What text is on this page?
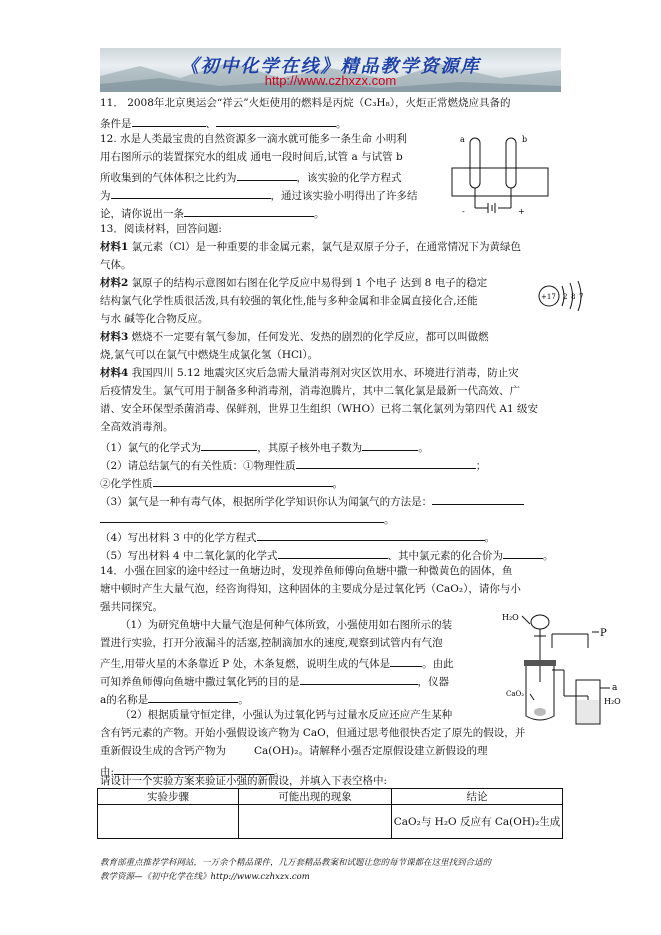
《初中化学在线》精品教学资源库
http://www.czhxzx.com
11． 2008年北京奥运会“祥云”火炬使用的燃料是丙烷（C₃H₈），火炬正常燃烧应具备的
条件是	、	。
12. 水是人类最宝贵的自然资源多一滴水就可能多一条生命 小明利
用右图所示的装置探究水的组成 通电一段时间后,试管 a 与试管 b
所收集到的气体体积之比约为	，该实验的化学方程式
为	，通过该实验小明得出了许多结
论，请你说出一条	。
a	b
-	+
13．阅读材料，回答问题:
材料1 氯元素（Cl）是一种重要的非金属元素，氯气是双原子分子，在通常情况下为黄绿色
气体。
材料2 氯原子的结构示意图如右图在化学反应中易得到 1 个电子 达到 8 电子的稳定
结构氯气化学性质很活泼,具有较强的氧化性,能与多种金属和非金属直接化合,还能
与水 碱等化合物反应。
+17 2 8 7
材料3 燃烧不一定要有氧气参加，任何发光、发热的剧烈的化学反应，都可以叫做燃
烧,氯气可以在氯气中燃烧生成氯化氢（HCl）。
材料4 我国四川 5.12 地震灾区灾后急需大量消毒剂对灾区饮用水、环境进行消毒，防止灾
后疫情发生。氯气可用于制备多种消毒剂，消毒泡腾片，其中二氧化氯是最新一代高效、广
谱、安全环保型杀菌消毒、保鲜剂，世界卫生组织（WHO）已将二氧化氯列为第四代 A1 级安
全高效消毒剂。
（1）氯气的化学式为	，其原子核外电子数为	。
（2）请总结氯气的有关性质：①物理性质	；
②化学性质	。
（3）氯气是一种有毒气体，根据所学化学知识你认为闻氯气的方法是：
。
（4）写出材料 3 中的化学方程式	。
（5）写出材料 4 中二氧化氯的化学式	、其中氯元素的化合价为	。
14．小强在回家的途中经过一鱼塘边时，发现养鱼师傅向鱼塘中撒一种微黄色的固体，鱼
塘中顿时产生大量气泡，经咨询得知，这种固体的主要成分是过氧化钙（CaO₂），请你与小
强共同探究。
（1）为研究鱼塘中大量气泡是何种气体所致，小强使用如右图所示的装
置进行实验，打开分液漏斗的活塞,控制滴加水的速度,观察到试管内有气泡
产生,用带火星的木条靠近 P 处，木条复燃，说明生成的气体是	。由此
可知养鱼师傅向鱼塘中撒过氧化钙的目的是	，仪器
a的名称是	。
H₂O
P
CaO₂
a
H₂O
（2）根据质量守恒定律，小强认为过氧化钙与过量水反应还应产生某种
含有钙元素的产物。开始小强假设该产物为 CaO，但通过思考他很快否定了原先的假设，并
重新假设生成的含钙产物为	Ca(OH)₂。请解释小强否定原假设建立新假设的理
由:	。
请设计一个实验方案来验证小强的新假设，并填入下表空格中:
实验步骤	可能出现的现象	结论
		CaO₂与 H₂O 反应有 Ca(OH)₂生成
教育部重点推荐学科网站，一万余个精品课件，几万套精品教案和试题让您的每节课都在这里找到合适的
教学资源—《初中化学在线》http://www.czhxzx.com
